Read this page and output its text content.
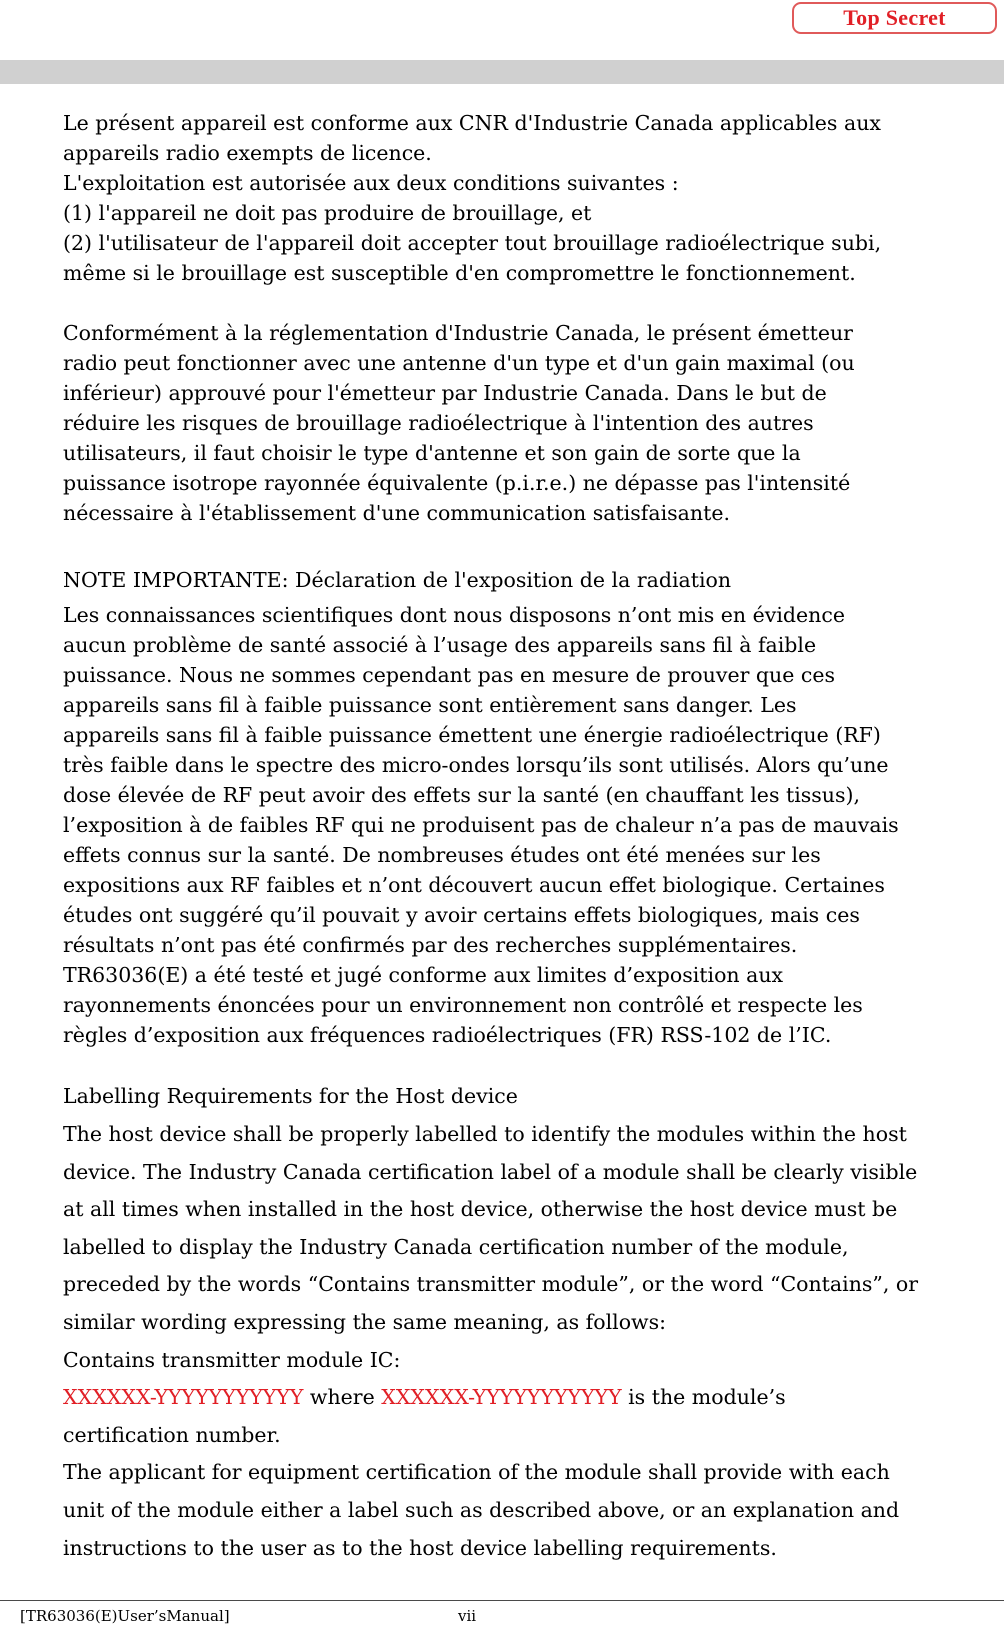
Top Secret
Le présent appareil est conforme aux CNR d'Industrie Canada applicables aux
appareils radio exempts de licence.
L'exploitation est autorisée aux deux conditions suivantes :
(1) l'appareil ne doit pas produire de brouillage, et
(2) l'utilisateur de l'appareil doit accepter tout brouillage radioélectrique subi,
même si le brouillage est susceptible d'en compromettre le fonctionnement.
Conformément à la réglementation d'Industrie Canada, le présent émetteur
radio peut fonctionner avec une antenne d'un type et d'un gain maximal (ou
inférieur) approuvé pour l'émetteur par Industrie Canada. Dans le but de
réduire les risques de brouillage radioélectrique à l'intention des autres
utilisateurs, il faut choisir le type d'antenne et son gain de sorte que la
puissance isotrope rayonnée équivalente (p.i.r.e.) ne dépasse pas l'intensité
nécessaire à l'établissement d'une communication satisfaisante.
NOTE IMPORTANTE: Déclaration de l'exposition de la radiation
Les connaissances scientifiques dont nous disposons n’ont mis en évidence
aucun problème de santé associé à l’usage des appareils sans fil à faible
puissance. Nous ne sommes cependant pas en mesure de prouver que ces
appareils sans fil à faible puissance sont entièrement sans danger. Les
appareils sans fil à faible puissance émettent une énergie radioélectrique (RF)
très faible dans le spectre des micro-ondes lorsqu’ils sont utilisés. Alors qu’une
dose élevée de RF peut avoir des effets sur la santé (en chauffant les tissus),
l’exposition à de faibles RF qui ne produisent pas de chaleur n’a pas de mauvais
effets connus sur la santé. De nombreuses études ont été menées sur les
expositions aux RF faibles et n’ont découvert aucun effet biologique. Certaines
études ont suggéré qu’il pouvait y avoir certains effets biologiques, mais ces
résultats n’ont pas été confirmés par des recherches supplémentaires.
TR63036(E) a été testé et jugé conforme aux limites d’exposition aux
rayonnements énoncées pour un environnement non contrôlé et respecte les
règles d’exposition aux fréquences radioélectriques (FR) RSS-102 de l’IC.
Labelling Requirements for the Host device
The host device shall be properly labelled to identify the modules within the host
device. The Industry Canada certification label of a module shall be clearly visible
at all times when installed in the host device, otherwise the host device must be
labelled to display the Industry Canada certification number of the module,
preceded by the words “Contains transmitter module”, or the word “Contains”, or
similar wording expressing the same meaning, as follows:
Contains transmitter module IC:
XXXXXX-YYYYYYYYYYY where XXXXXX-YYYYYYYYYYY is the module’s
certification number.
The applicant for equipment certification of the module shall provide with each
unit of the module either a label such as described above, or an explanation and
instructions to the user as to the host device labelling requirements.
[TR63036(E)User’sManual]	vii
